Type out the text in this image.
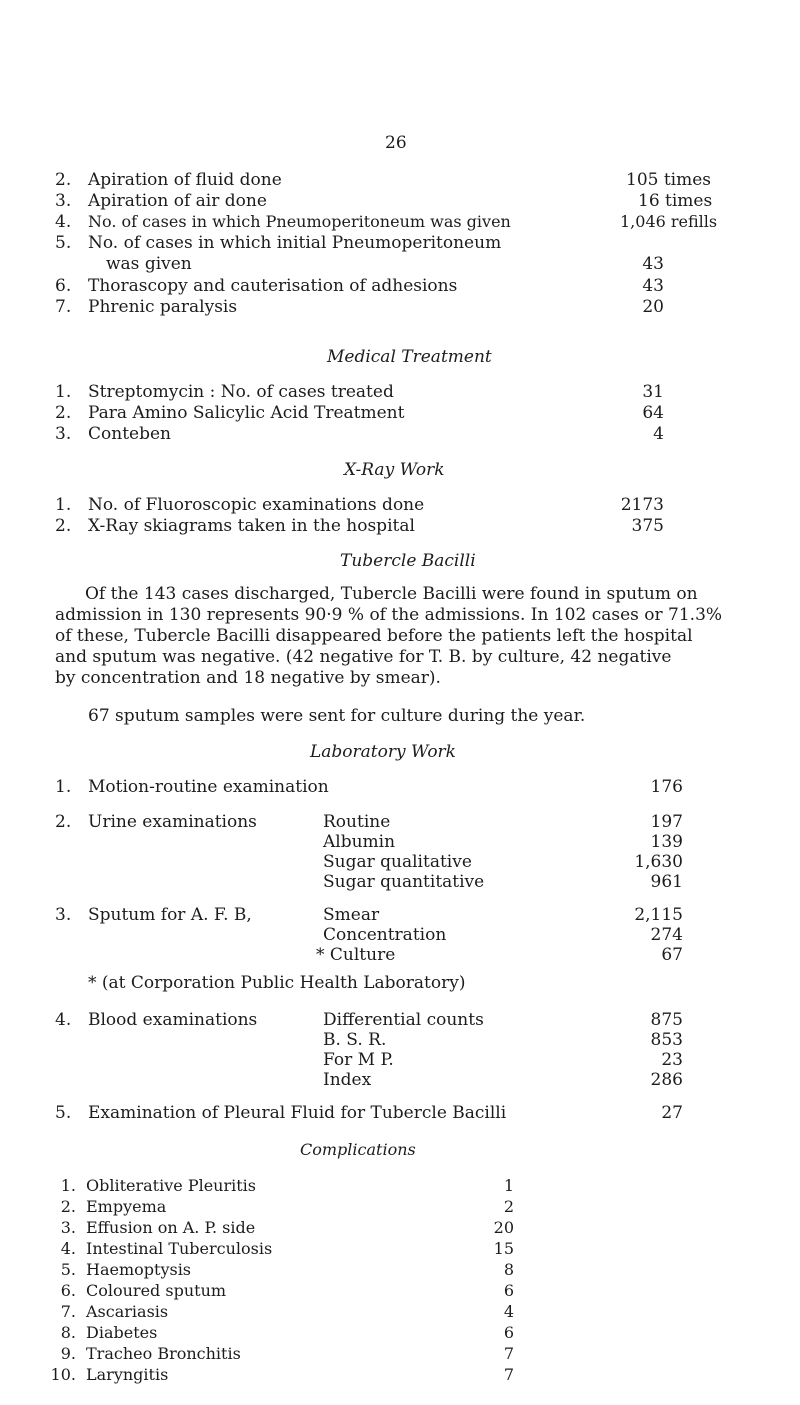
26
2. Apiration of fluid done	105 times
3. Apiration of air done	16 times
4. No. of cases in which Pneumoperitoneum was given	1,046 refills
5. No. of cases in which initial Pneumoperitoneum
was given	43
6. Thorascopy and cauterisation of adhesions	43
7. Phrenic paralysis	20
Medical Treatment
1. Streptomycin : No. of cases treated	31
2. Para Amino Salicylic Acid Treatment	64
3. Conteben	4
X-Ray Work
1. No. of Fluoroscopic examinations done	2173
2. X-Ray skiagrams taken in the hospital	375
Tubercle Bacilli
Of the 143 cases discharged, Tubercle Bacilli were found in sputum on
admission in 130 represents 90·9 % of the admissions. In 102 cases or 71.3%
of these, Tubercle Bacilli disappeared before the patients left the hospital
and sputum was negative. (42 negative for T. B. by culture, 42 negative
by concentration and 18 negative by smear).
67 sputum samples were sent for culture during the year.
Laboratory Work
1. Motion-routine examination	176
2. Urine examinations	Routine	197
Albumin	139
Sugar qualitative	1,630
Sugar quantitative	961
3. Sputum for A. F. B,	Smear	2,115
Concentration	274
* Culture	67
* (at Corporation Public Health Laboratory)
4. Blood examinations	Differential counts	875
B. S. R.	853
For M P.	23
Index	286
5. Examination of Pleural Fluid for Tubercle Bacilli	27
Complications
1. Obliterative Pleuritis	1
2. Empyema	2
3. Effusion on A. P. side	20
4. Intestinal Tuberculosis	15
5. Haemoptysis	8
6. Coloured sputum	6
7. Ascariasis	4
8. Diabetes	6
9. Tracheo Bronchitis	7
10. Laryngitis	7
